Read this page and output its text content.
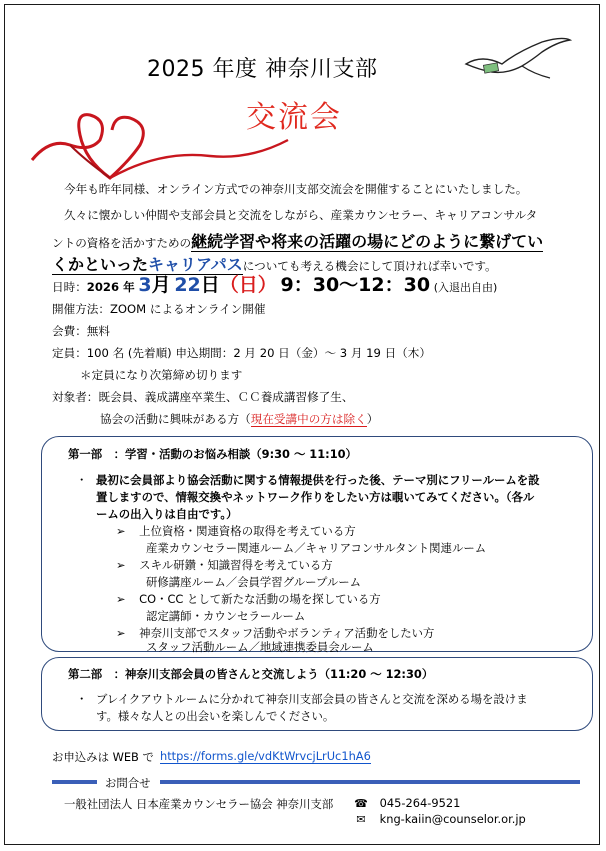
2025 年度 神奈川支部
交流会
今年も昨年同様、オンライン方式での神奈川支部交流会を開催することにいたしました。
久々に懐かしい仲間や支部会員と交流をしながら、産業カウンセラー、キャリアコンサルタ
ントの資格を活かすための継続学習や将来の活躍の場にどのように繋げてい
くかといったキャリアパスについても考える機会にして頂ければ幸いです。
日時：2026 年 3月 22日（日） 9：30～12：30 (入退出自由)
開催方法：ZOOM によるオンライン開催
会費：無料
定員：100 名 (先着順) 申込期間：2 月 20 日（金）～ 3 月 19 日（木）
＊定員になり次第締め切ります
対象者：既会員、義成講座卒業生、ＣＣ養成講習修了生、
協会の活動に興味がある方（現在受講中の方は除く）
第一部　：学習・活動のお悩み相談（9:30 ～ 11:10）
・ 最初に会員部より協会活動に関する情報提供を行った後、テーマ別にフリールームを設
置しますので、情報交換やネットワーク作りをしたい方は覗いてみてください。（各ル
ームの出入りは自由です。）
➢ 上位資格・関連資格の取得を考えている方
産業カウンセラー関連ルーム／キャリアコンサルタント関連ルーム
➢ スキル研鑽・知識習得を考えている方
研修講座ルーム／会員学習グループルーム
➢ CO・CC として新たな活動の場を探している方
認定講師・カウンセラールーム
➢ 神奈川支部でスタッフ活動やボランティア活動をしたい方
スタッフ活動ルーム／地域連携委員会ルーム
第二部　：神奈川支部会員の皆さんと交流しよう（11:20 ～ 12:30）
・ ブレイクアウトルームに分かれて神奈川支部会員の皆さんと交流を深める場を設けま
す。様々な人との出会いを楽しんでください。
お申込みは WEB で https://forms.gle/vdKtWrvcjLrUc1hA6
お問合せ
一般社団法人 日本産業カウンセラー協会 神奈川支部 ☎ 045-264-9521
✉ kng-kaiin@counselor.or.jp
